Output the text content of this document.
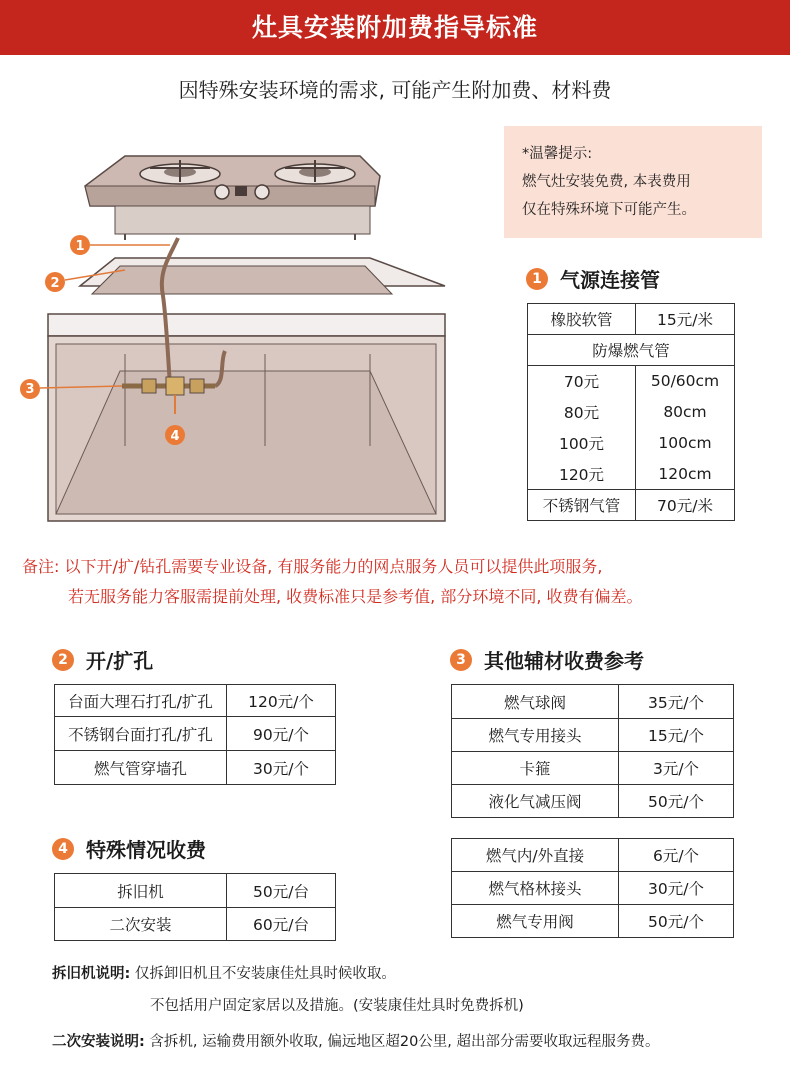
灶具安装附加费指导标准
因特殊安装环境的需求, 可能产生附加费、材料费
1
2
4
3
*温馨提示:
燃气灶安装免费, 本表费用
仅在特殊环境下可能产生。
1 气源连接管
橡胶软管	15元/米
防爆燃气管	
70元	50/60cm
80元	80cm
100元	100cm
120元	120cm
不锈钢气管	70元/米
备注: 以下开/扩/钻孔需要专业设备, 有服务能力的网点服务人员可以提供此项服务,
若无服务能力客服需提前处理, 收费标准只是参考值, 部分环境不同, 收费有偏差。
2 开/扩孔
台面大理石打孔/扩孔	120元/个
不锈钢台面打孔/扩孔	90元/个
燃气管穿墙孔	30元/个
3 其他辅材收费参考
燃气球阀	35元/个
燃气专用接头	15元/个
卡箍	3元/个
液化气减压阀	50元/个
燃气内/外直接	6元/个
燃气格林接头	30元/个
燃气专用阀	50元/个
4 特殊情况收费
拆旧机	50元/台
二次安装	60元/台
拆旧机说明: 仅拆卸旧机且不安装康佳灶具时候收取。
不包括用户固定家居以及措施。(安装康佳灶具时免费拆机)
二次安装说明: 含拆机, 运输费用额外收取, 偏远地区超20公里, 超出部分需要收取远程服务费。
